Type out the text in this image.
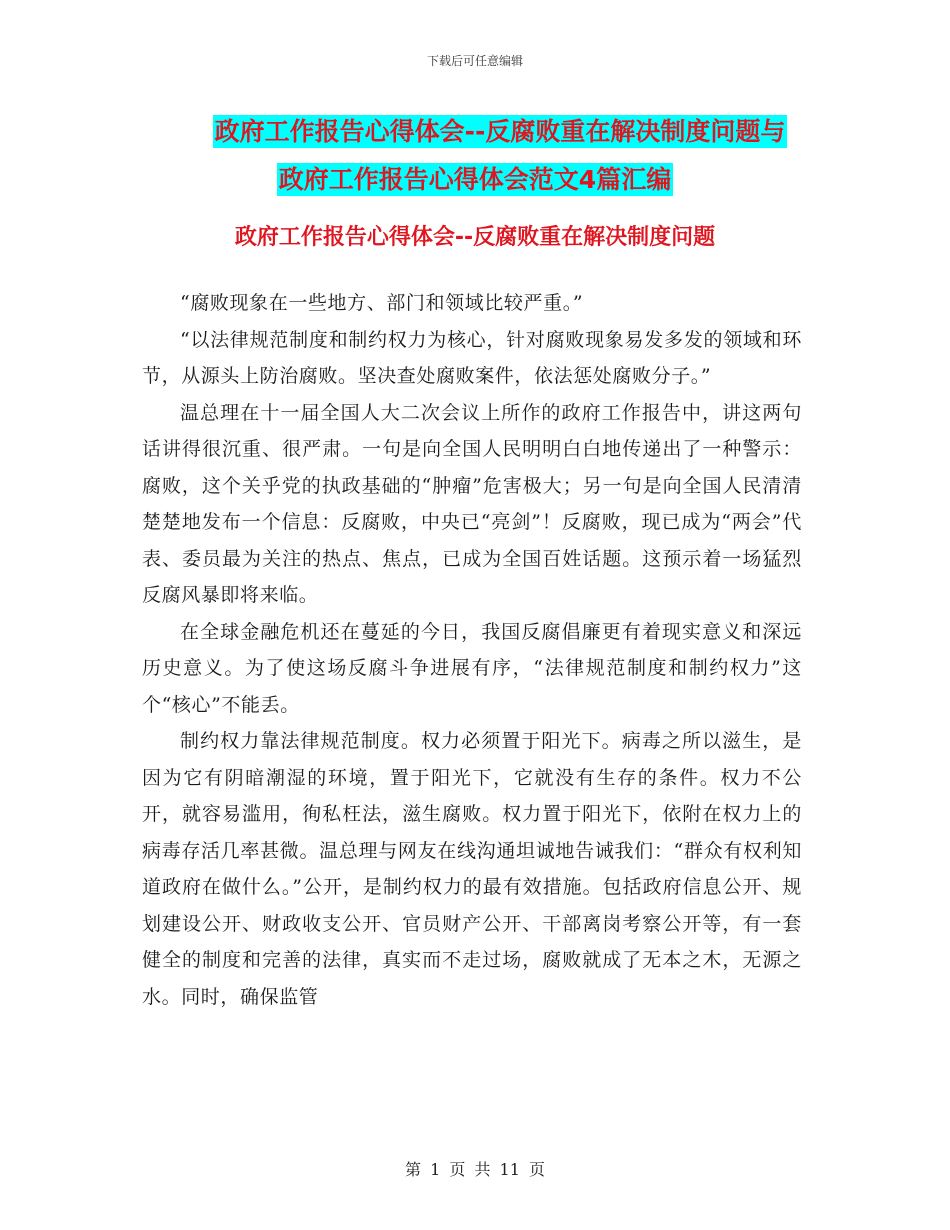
下载后可任意编辑
政府工作报告心得体会--反腐败重在解决制度问题与
政府工作报告心得体会范文4篇汇编
政府工作报告心得体会--反腐败重在解决制度问题

“腐败现象在一些地方、部门和领域比较严重。”

“以法律规范制度和制约权力为核心，针对腐败现象易发多发的领域和环节，从源头上防治腐败。坚决查处腐败案件，依法惩处腐败分子。”

温总理在十一届全国人大二次会议上所作的政府工作报告中，讲这两句话讲得很沉重、很严肃。一句是向全国人民明明白白地传递出了一种警示：腐败，这个关乎党的执政基础的“肿瘤”危害极大；另一句是向全国人民清清楚楚地发布一个信息：反腐败，中央已“亮剑”！反腐败，现已成为“两会”代表、委员最为关注的热点、焦点，已成为全国百姓话题。这预示着一场猛烈反腐风暴即将来临。

在全球金融危机还在蔓延的今日，我国反腐倡廉更有着现实意义和深远历史意义。为了使这场反腐斗争进展有序，“法律规范制度和制约权力”这个“核心”不能丢。

制约权力靠法律规范制度。权力必须置于阳光下。病毒之所以滋生，是因为它有阴暗潮湿的环境，置于阳光下，它就没有生存的条件。权力不公开，就容易滥用，徇私枉法，滋生腐败。权力置于阳光下，依附在权力上的病毒存活几率甚微。温总理与网友在线沟通坦诚地告诫我们：“群众有权利知道政府在做什么。”公开，是制约权力的最有效措施。包括政府信息公开、规划建设公开、财政收支公开、官员财产公开、干部离岗考察公开等，有一套健全的制度和完善的法律，真实而不走过场，腐败就成了无本之木，无源之水。同时，确保监管

第 1 页 共 11 页
